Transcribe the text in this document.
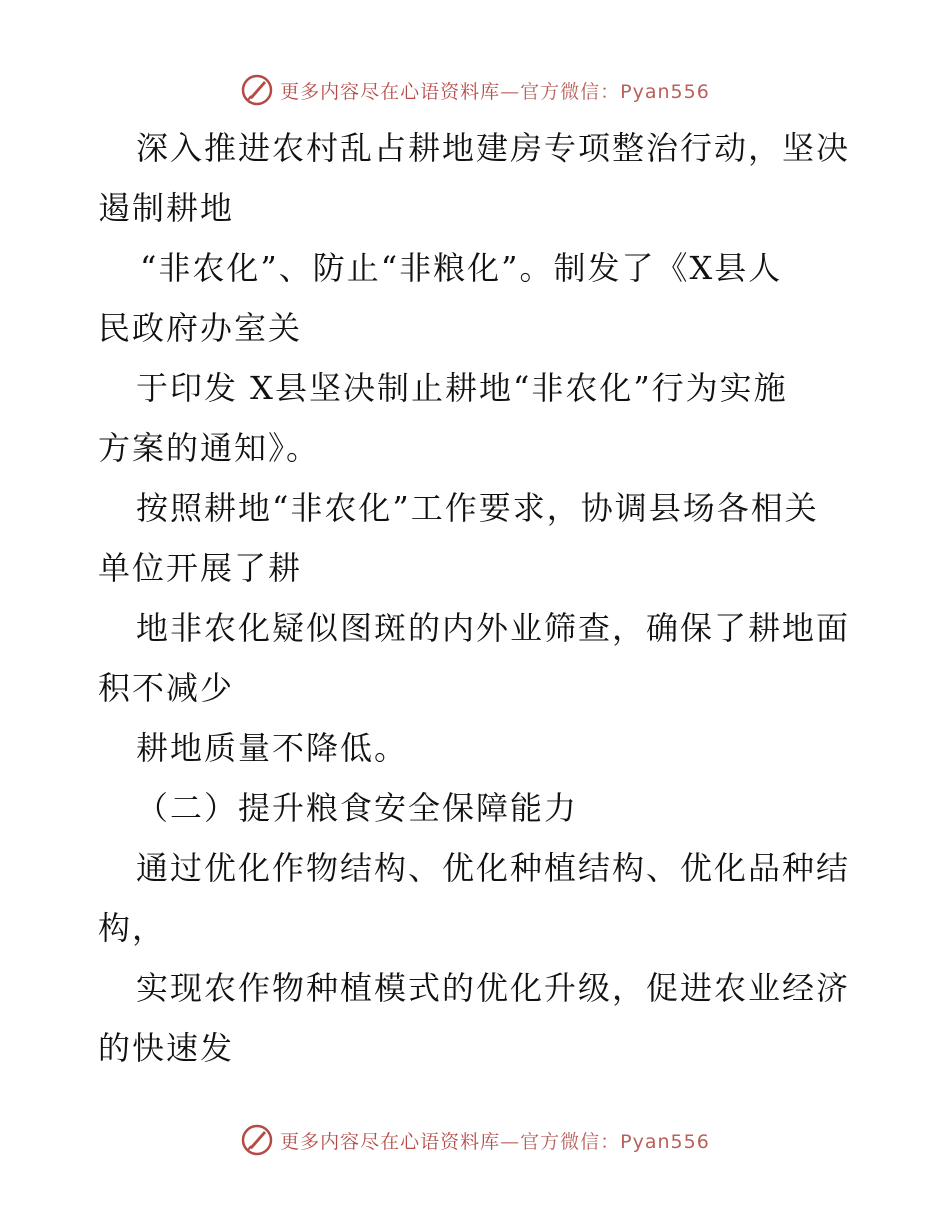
更多内容尽在心语资料库—官方微信：Pyan556
深入推进农村乱占耕地建房专项整治行动，坚决
遏制耕地
“非农化”、防止“非粮化”。制发了《X县人
民政府办室关
于印发 X县坚决制止耕地“非农化”行为实施
方案的通知》。
按照耕地“非农化”工作要求，协调县场各相关
单位开展了耕
地非农化疑似图斑的内外业筛查，确保了耕地面
积不减少
耕地质量不降低。
（二）提升粮食安全保障能力
通过优化作物结构、优化种植结构、优化品种结
构，
实现农作物种植模式的优化升级，促进农业经济
的快速发
更多内容尽在心语资料库—官方微信：Pyan556
